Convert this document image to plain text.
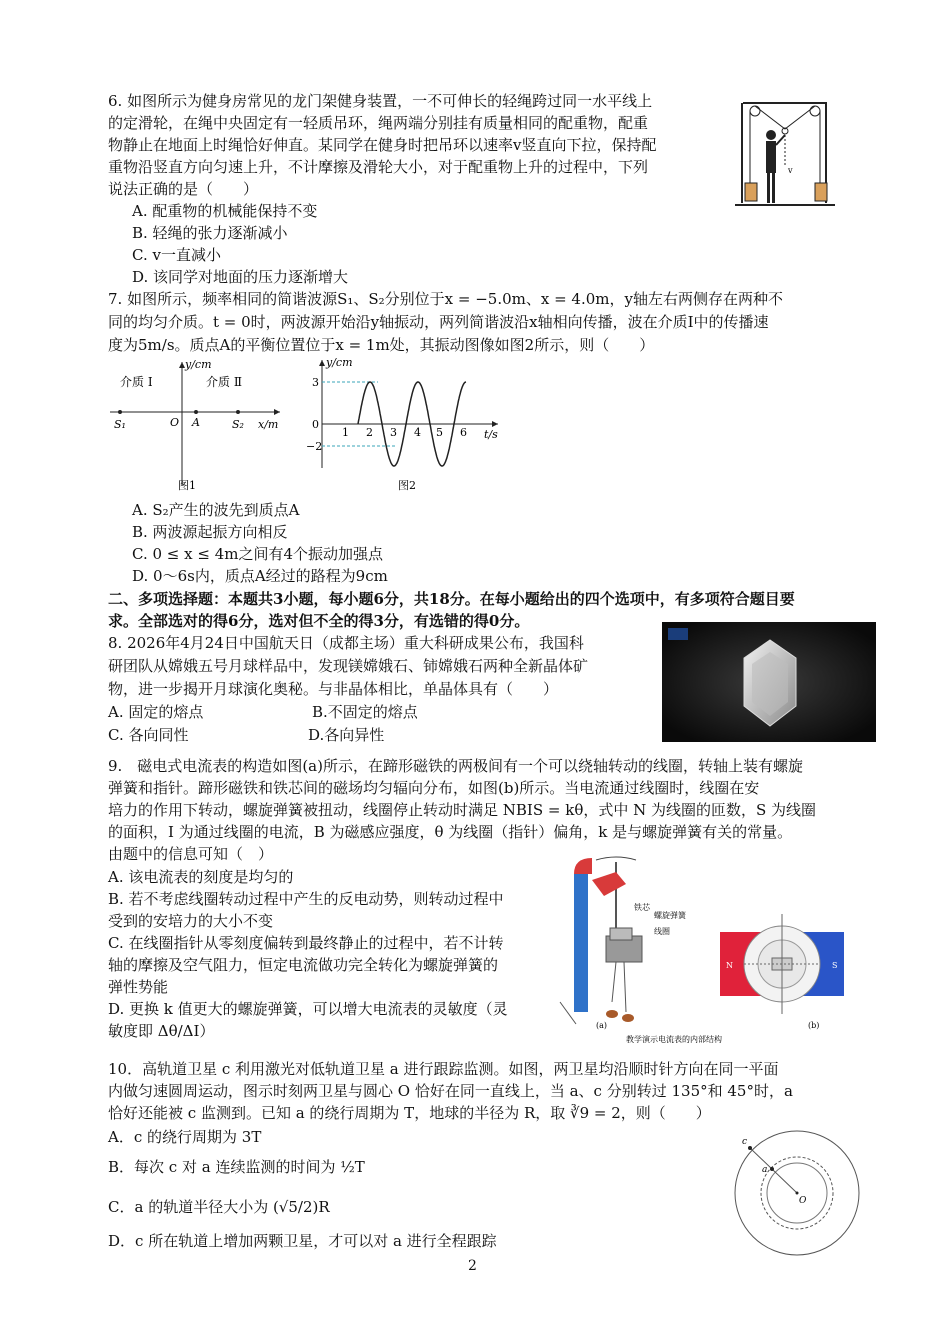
6. 如图所示为健身房常见的龙门架健身装置，一不可伸长的轻绳跨过同一水平线上
的定滑轮，在绳中央固定有一轻质吊环，绳两端分别挂有质量相同的配重物，配重
物静止在地面上时绳恰好伸直。某同学在健身时把吊环以速率v竖直向下拉，保持配
重物沿竖直方向匀速上升，不计摩擦及滑轮大小，对于配重物上升的过程中，下列
说法正确的是（　　）
A. 配重物的机械能保持不变
B. 轻绳的张力逐渐减小
C. v一直减小
D. 该同学对地面的压力逐渐增大
v
7. 如图所示，频率相同的简谐波源S₁、S₂分别位于x = −5.0m、x = 4.0m，y轴左右两侧存在两种不
同的均匀介质。t = 0时，两波源开始沿y轴振动，两列简谐波沿x轴相向传播，波在介质Ⅰ中的传播速
度为5m/s。质点A的平衡位置位于x = 1m处，其振动图像如图2所示，则（　　）
介质 Ⅰ	介质 Ⅱ
y/cm
x/m
S₁	O A	S₂
图1
3
0
−2
y/cm
t/s
1 2 3 4 5 6
图2
A. S₂产生的波先到质点A
B. 两波源起振方向相反
C. 0 ≤ x ≤ 4m之间有4个振动加强点
D. 0～6s内，质点A经过的路程为9cm
二、多项选择题：本题共3小题，每小题6分，共18分。在每小题给出的四个选项中，有多项符合题目要
求。全部选对的得6分，选对但不全的得3分，有选错的得0分。
8. 2026年4月24日中国航天日（成都主场）重大科研成果公布，我国科
研团队从嫦娥五号月球样品中，发现镁嫦娥石、铈嫦娥石两种全新晶体矿
物，进一步揭开月球演化奥秘。与非晶体相比，单晶体具有（　　）
A. 固定的熔点	B.不固定的熔点
C. 各向同性	D.各向异性
9.　磁电式电流表的构造如图(a)所示，在蹄形磁铁的两极间有一个可以绕轴转动的线圈，转轴上装有螺旋
弹簧和指针。蹄形磁铁和铁芯间的磁场均匀辐向分布，如图(b)所示。当电流通过线圈时，线圈在安
培力的作用下转动，螺旋弹簧被扭动，线圈停止转动时满足 NBIS = kθ，式中 N 为线圈的匝数，S 为线圈
的面积，I 为通过线圈的电流，B 为磁感应强度，θ 为线圈（指针）偏角，k 是与螺旋弹簧有关的常量。
由题中的信息可知（　）
A. 该电流表的刻度是均匀的
B. 若不考虑线圈转动过程中产生的反电动势，则转动过程中
受到的安培力的大小不变
C. 在线圈指针从零刻度偏转到最终静止的过程中，若不计转
轴的摩擦及空气阻力，恒定电流做功完全转化为螺旋弹簧的
弹性势能
D. 更换 k 值更大的螺旋弹簧，可以增大电流表的灵敏度（灵
敏度即 Δθ/ΔI）
铁芯
螺旋弹簧
线圈
(a)
教学演示电流表的内部结构
N	S
(b)
10．高轨道卫星 c 利用激光对低轨道卫星 a 进行跟踪监测。如图，两卫星均沿顺时针方向在同一平面
内做匀速圆周运动，图示时刻两卫星与圆心 O 恰好在同一直线上，当 a、c 分别转过 135°和 45°时，a
恰好还能被 c 监测到。已知 a 的绕行周期为 T，地球的半径为 R，取 ∛9 = 2，则（　　）
A．c 的绕行周期为 3T
B．每次 c 对 a 连续监测的时间为 ½T
C．a 的轨道半径大小为 (√5/2)R
D．c 所在轨道上增加两颗卫星，才可以对 a 进行全程跟踪
c
a
O
2
